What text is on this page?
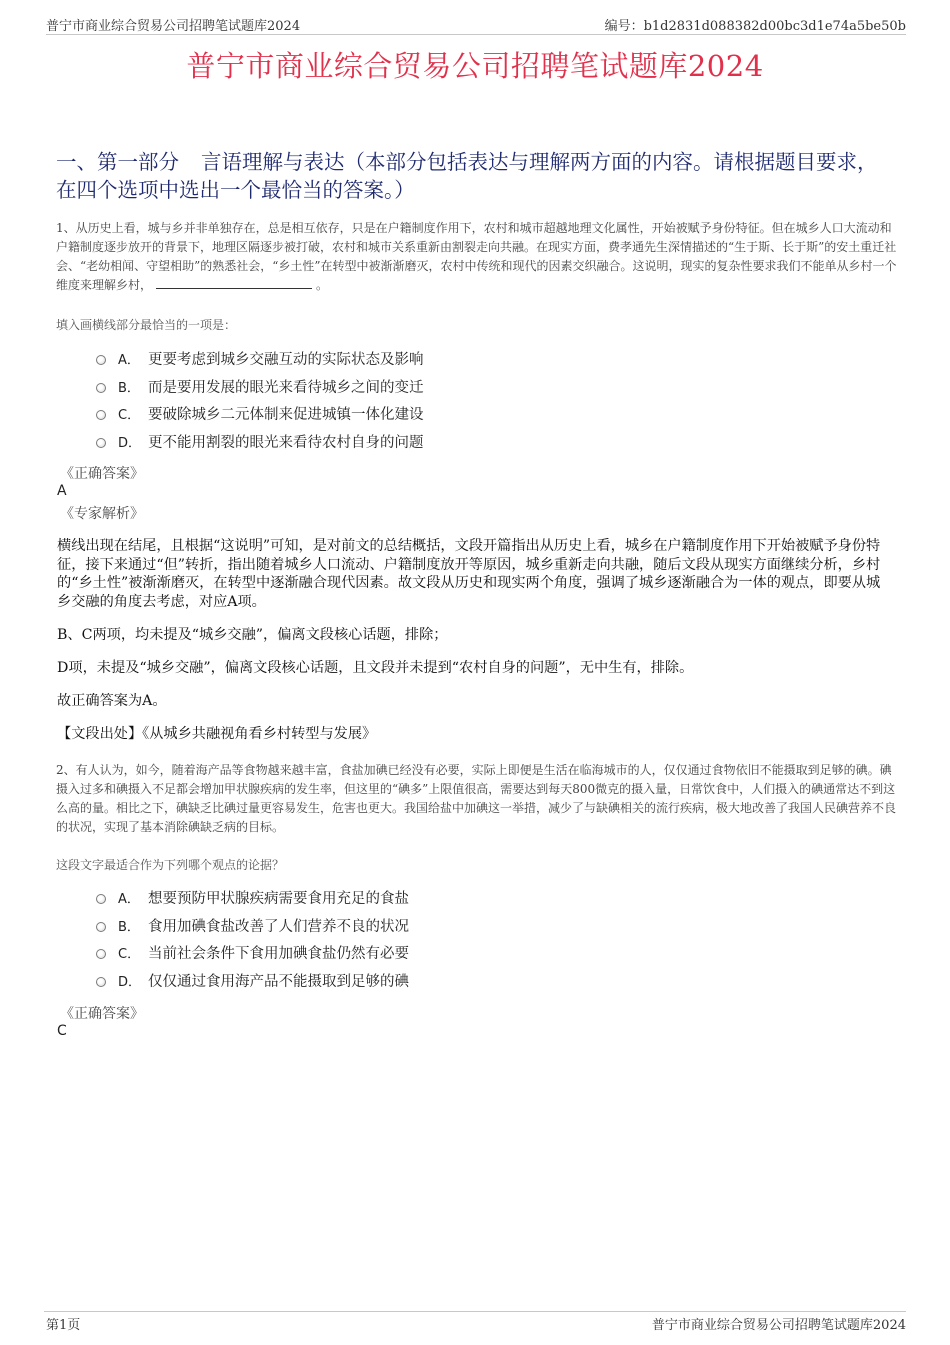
普宁市商业综合贸易公司招聘笔试题库2024	编号：b1d2831d088382d00bc3d1e74a5be50b
普宁市商业综合贸易公司招聘笔试题库2024
一、第一部分 言语理解与表达（本部分包括表达与理解两方面的内容。请根据题目要求，在四个选项中选出一个最恰当的答案。）
1、从历史上看，城与乡并非单独存在，总是相互依存，只是在户籍制度作用下，农村和城市超越地理文化属性，开始被赋予身份特征。但在城乡人口大流动和户籍制度逐步放开的背景下，地理区隔逐步被打破，农村和城市关系重新由割裂走向共融。在现实方面，费孝通先生深情描述的“生于斯、长于斯”的安土重迁社会、“老幼相闻、守望相助”的熟悉社会，“乡土性”在转型中被渐渐磨灭，农村中传统和现代的因素交织融合。这说明，现实的复杂性要求我们不能单从乡村一个维度来理解乡村，	。
填入画横线部分最恰当的一项是：
A． 更要考虑到城乡交融互动的实际状态及影响
B． 而是要用发展的眼光来看待城乡之间的变迁
C． 要破除城乡二元体制来促进城镇一体化建设
D． 更不能用割裂的眼光来看待农村自身的问题
《正确答案》
A
《专家解析》
横线出现在结尾，且根据“这说明”可知，是对前文的总结概括，文段开篇指出从历史上看，城乡在户籍制度作用下开始被赋予身份特征，接下来通过“但”转折，指出随着城乡人口流动、户籍制度放开等原因，城乡重新走向共融，随后文段从现实方面继续分析，乡村的“乡土性”被渐渐磨灭，在转型中逐渐融合现代因素。故文段从历史和现实两个角度，强调了城乡逐渐融合为一体的观点，即要从城乡交融的角度去考虑，对应A项。
B、C两项，均未提及“城乡交融”，偏离文段核心话题，排除；
D项，未提及“城乡交融”，偏离文段核心话题，且文段并未提到“农村自身的问题”，无中生有，排除。
故正确答案为A。
【文段出处】《从城乡共融视角看乡村转型与发展》
2、有人认为，如今，随着海产品等食物越来越丰富，食盐加碘已经没有必要，实际上即便是生活在临海城市的人，仅仅通过食物依旧不能摄取到足够的碘。碘摄入过多和碘摄入不足都会增加甲状腺疾病的发生率，但这里的“碘多”上限值很高，需要达到每天800微克的摄入量，日常饮食中，人们摄入的碘通常达不到这么高的量。相比之下，碘缺乏比碘过量更容易发生，危害也更大。我国给盐中加碘这一举措，减少了与缺碘相关的流行疾病，极大地改善了我国人民碘营养不良的状况，实现了基本消除碘缺乏病的目标。
这段文字最适合作为下列哪个观点的论据？
A． 想要预防甲状腺疾病需要食用充足的食盐
B． 食用加碘食盐改善了人们营养不良的状况
C． 当前社会条件下食用加碘食盐仍然有必要
D． 仅仅通过食用海产品不能摄取到足够的碘
《正确答案》
C
第1页	普宁市商业综合贸易公司招聘笔试题库2024
